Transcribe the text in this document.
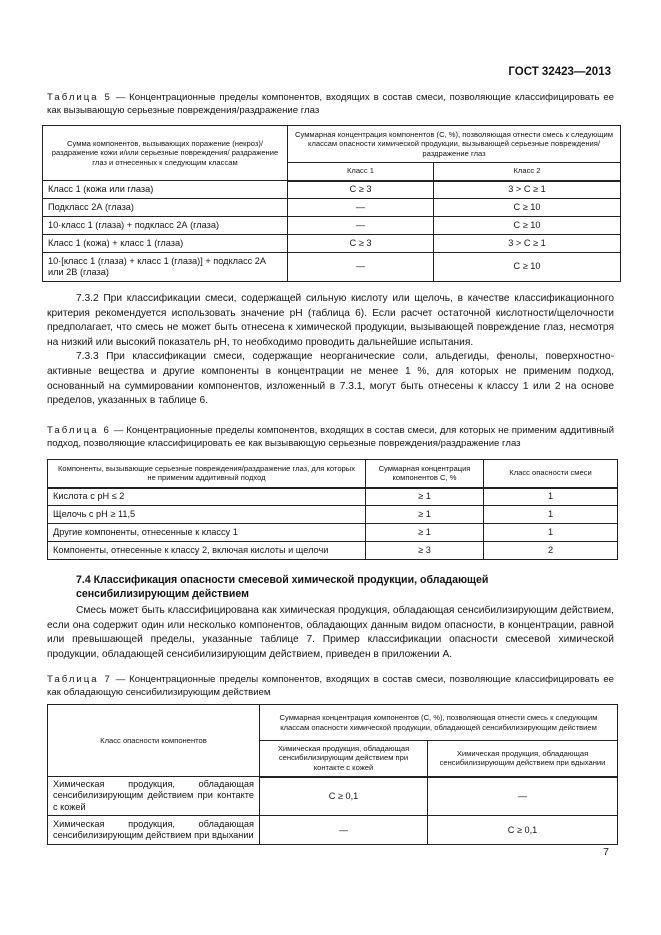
ГОСТ 32423—2013
Таблица 5 — Концентрационные пределы компонентов, входящих в состав смеси, позволяющие классифицировать ее как вызывающую серьезные повреждения/раздражение глаз
Сумма компонентов, вызывающих поражение (некроз)/ раздражение кожи и/или серьезные повреждения/ раздражение глаз и отнесенных к следующим классам	Суммарная концентрация компонентов (С, %), позволяющая отнести смесь к следующим классам опасности химической продукции, вызывающей серьезные повреждения/раздражение глаз	
	Класс 1	Класс 2
Класс 1 (кожа или глаза)	С ≥ 3	3 > С ≥ 1
Подкласс 2А (глаза)	—	С ≥ 10
10·класс 1 (глаза) + подкласс 2А (глаза)	—	С ≥ 10
Класс 1 (кожа) + класс 1 (глаза)	С ≥ 3	3 > С ≥ 1
10·[класс 1 (глаза) + класс 1 (глаза)] + подкласс 2А или 2В (глаза)	—	С ≥ 10

7.3.2 При классификации смеси, содержащей сильную кислоту или щелочь, в качестве классификационного критерия рекомендуется использовать значение pH (таблица 6). Если расчет остаточной кислотности/щелочности предполагает, что смесь не может быть отнесена к химической продукции, вызывающей повреждение глаз, несмотря на низкий или высокий показатель pH, то необходимо проводить дальнейшие испытания.

7.3.3 При классификации смеси, содержащие неорганические соли, альдегиды, фенолы, поверхностно-активные вещества и другие компоненты в концентрации не менее 1 %, для которых не применим подход, основанный на суммировании компонентов, изложенный в 7.3.1, могут быть отнесены к классу 1 или 2 на основе пределов, указанных в таблице 6.

Таблица 6 — Концентрационные пределы компонентов, входящих в состав смеси, для которых не применим аддитивный подход, позволяющие классифицировать ее как вызывающую серьезные повреждения/раздражение глаз
Компоненты, вызывающие серьезные повреждения/раздражение глаз, для которых не применим аддитивный подход	Суммарная концентрация компонентов С, %	Класс опасности смеси
Кислота с pH ≤ 2	≥ 1	1
Щелочь с pH ≥ 11,5	≥ 1	1
Другие компоненты, отнесенные к классу 1	≥ 1	1
Компоненты, отнесенные к классу 2, включая кислоты и щелочи	≥ 3	2
7.4 Классификация опасности смесевой химической продукции, обладающей сенсибилизирующим действием

Смесь может быть классифицирована как химическая продукция, обладающая сенсибилизирующим действием, если она содержит один или несколько компонентов, обладающих данным видом опасности, в концентрации, равной или превышающей пределы, указанные таблице 7. Пример классификации опасности смесевой химической продукции, обладающей сенсибилизирующим действием, приведен в приложении А.

Таблица 7 — Концентрационные пределы компонентов, входящих в состав смеси, позволяющие классифицировать ее как обладающую сенсибилизирующим действием
Класс опасности компонентов	Суммарная концентрация компонентов (С, %), позволяющая отнести смесь к следующим классам опасности химической продукции, обладающей сенсибилизирующим действием	
	Химическая продукция, обладающая сенсибилизирующим действием при контакте с кожей	Химическая продукция, обладающая сенсибилизирующим действием при вдыхании
Химическая продукция, обладающая сенсибилизирующим действием при контакте с кожей	С ≥ 0,1	—
Химическая продукция, обладающая сенсибилизирующим действием при вдыхании	—	С ≥ 0,1
7
